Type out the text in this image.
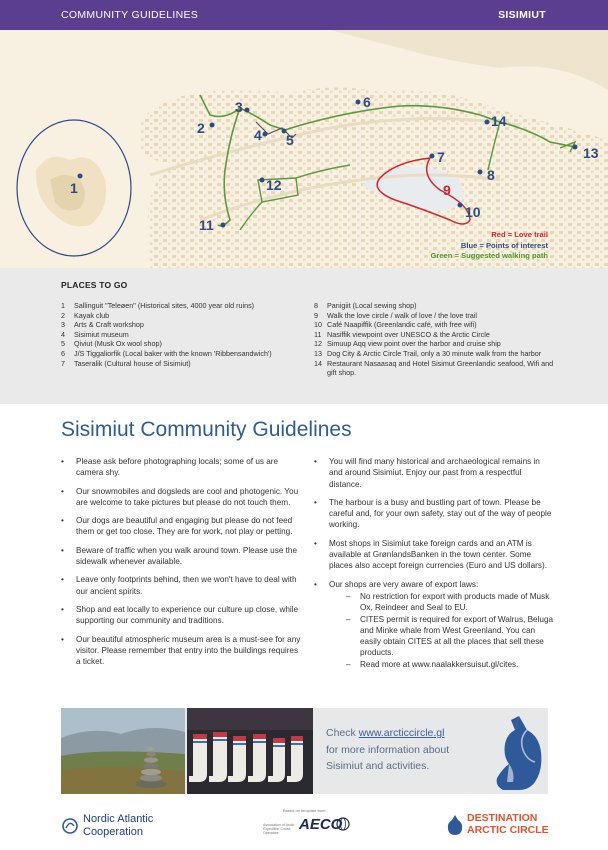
COMMUNITY GUIDELINES	SISIMIUT
1
2
3
4 5
6
7
8
9
10
11
12
13
14
Red = Love trail
Blue = Points of interest
Green = Suggested walking path
PLACES TO GO
1	Sallinguit "Teleøen" (Historical sites, 4000 year old ruins)
2	Kayak club
3	Arts & Craft workshop
4	Sisimiut museum
5	Qiviut (Musk Ox wool shop)
6	J/S Tiggaliorfik (Local baker with the known 'Ribbensandwich')
7	Taseralik (Cultural house of Sisimiut)
8	Panigiit (Local sewing shop)
9	Walk the love circle / walk of love / the love trail
10 Café Naapiffik (Greenlandic café, with free wifi)
11 Nasiffik viewpoint over UNESCO & the Arctic Circle
12 Simuup Aqq view point over the harbor and cruise ship
13 Dog City & Arctic Circle Trail, only a 30 minute walk from the harbor
14 Restaurant Nasaasaq and Hotel Sisimut Greenlandic seafood, Wifi and gift shop.
Sisimiut Community Guidelines
• Please ask before photographing locals; some of us are camera shy.
• Our snowmobiles and dogsleds are cool and photogenic. You are welcome to take pictures but please do not touch them.
• Our dogs are beautiful and engaging but please do not feed them or get too close. They are for work, not play or petting.
• Beware of traffic when you walk around town. Please use the sidewalk whenever available.
• Leave only footprints behind, then we won't have to deal with our ancient spirits.
• Shop and eat locally to experience our culture up close, while supporting our community and traditions.
• Our beautiful atmospheric museum area is a must-see for any visitor. Please remember that entry into the buildings requires a ticket.
• You will find many historical and archaeological remains in and around Sisimiut. Enjoy our past from a respectful distance.
• The harbour is a busy and bustling part of town. Please be careful and, for your own safety, stay out of the way of people working.
• Most shops in Sisimiut take foreign cards and an ATM is available at GrønlandsBanken in the town center. Some places also accept foreign currencies (Euro and US dollars).
• Our shops are very aware of export laws:
– No restriction for export with products made of Musk Ox, Reindeer and Seal to EU.
– CITES permit is required for export of Walrus, Beluga and Minke whale from West Greenland. You can easily obtain CITES at all the places that sell these products.
– Read more at www.naalakkersuisut.gl/cites.
Check www.arcticcircle.gl
for more information about
Sisimiut and activities.
Nordic Atlantic
Cooperation
Based on template from
Association of Arctic Expedition Cruise Operators	AECO	DESTINATION
ARCTIC CIRCLE
